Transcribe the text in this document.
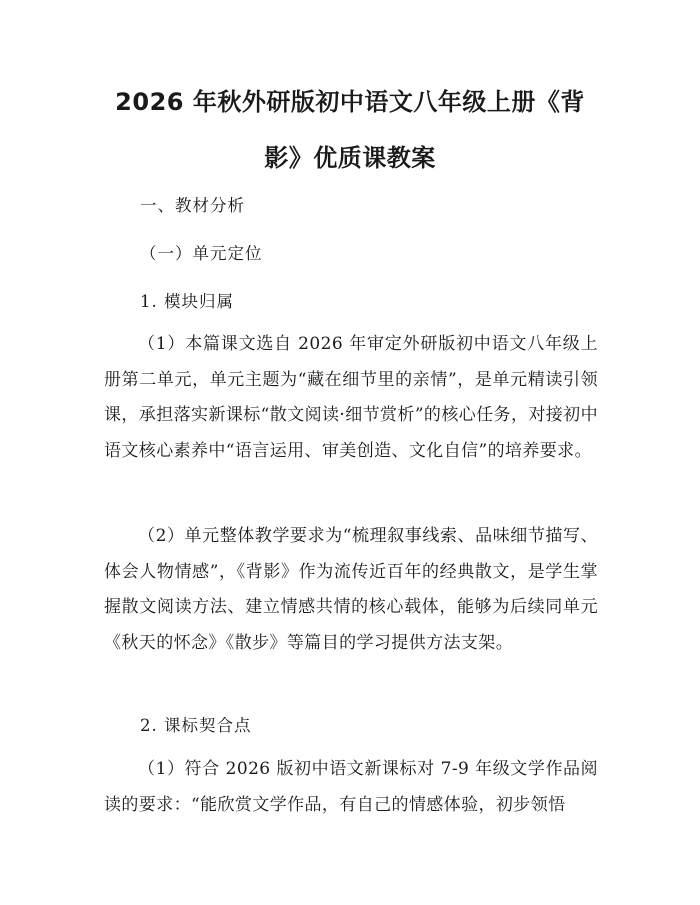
2026 年秋外研版初中语文八年级上册《背
影》优质课教案
一、教材分析
（一）单元定位
1. 模块归属

（1）本篇课文选自 2026 年审定外研版初中语文八年级上册第二单元，单元主题为“藏在细节里的亲情”，是单元精读引领课，承担落实新课标“散文阅读·细节赏析”的核心任务，对接初中语文核心素养中“语言运用、审美创造、文化自信”的培养要求。

（2）单元整体教学要求为“梳理叙事线索、品味细节描写、体会人物情感”，《背影》作为流传近百年的经典散文，是学生掌握散文阅读方法、建立情感共情的核心载体，能够为后续同单元《秋天的怀念》《散步》等篇目的学习提供方法支架。

2. 课标契合点

（1）符合 2026 版初中语文新课标对 7-9 年级文学作品阅读的要求：“能欣赏文学作品，有自己的情感体验，初步领悟
